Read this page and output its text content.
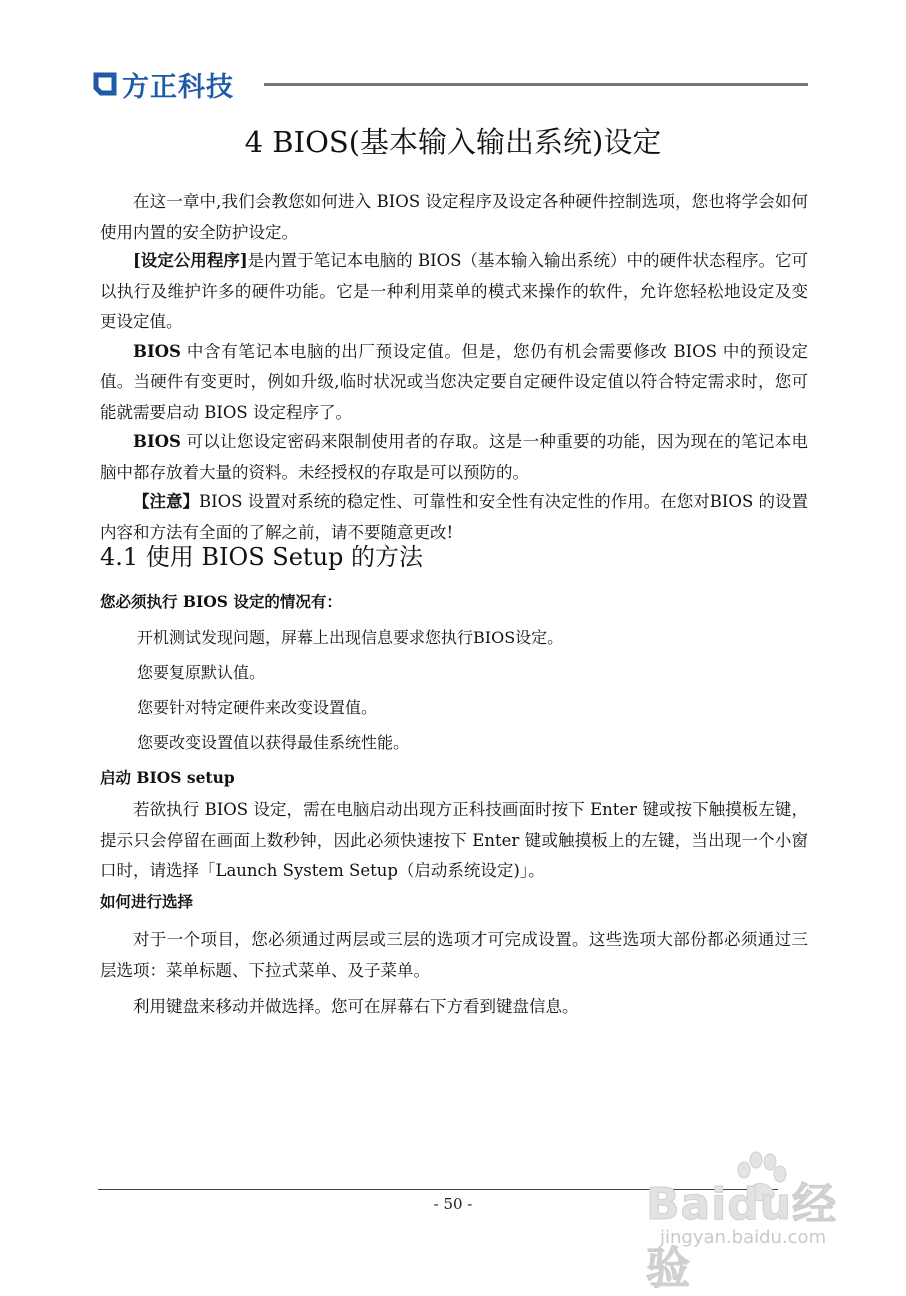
方正科技
4 BIOS(基本输入输出系统)设定

在这一章中,我们会教您如何进入 BIOS 设定程序及设定各种硬件控制选项，您也将学会如何使用内置的安全防护设定。

[设定公用程序]是内置于笔记本电脑的 BIOS（基本输入输出系统）中的硬件状态程序。它可以执行及维护许多的硬件功能。它是一种利用菜单的模式来操作的软件，允许您轻松地设定及变更设定值。

BIOS 中含有笔记本电脑的出厂预设定值。但是，您仍有机会需要修改 BIOS 中的预设定值。当硬件有变更时，例如升级,临时状况或当您决定要自定硬件设定值以符合特定需求时，您可能就需要启动 BIOS 设定程序了。

BIOS 可以让您设定密码来限制使用者的存取。这是一种重要的功能，因为现在的笔记本电脑中都存放着大量的资料。未经授权的存取是可以预防的。

【注意】BIOS 设置对系统的稳定性、可靠性和安全性有决定性的作用。在您对BIOS 的设置内容和方法有全面的了解之前，请不要随意更改!

4.1 使用 BIOS Setup 的方法

您必须执行 BIOS 设定的情况有：

开机测试发现问题，屏幕上出现信息要求您执行BIOS设定。

您要复原默认值。

您要针对特定硬件来改变设置值。

您要改变设置值以获得最佳系统性能。

启动 BIOS setup

若欲执行 BIOS 设定，需在电脑启动出现方正科技画面时按下 Enter 键或按下触摸板左键，提示只会停留在画面上数秒钟，因此必须快速按下 Enter 键或触摸板上的左键，当出现一个小窗口时，请选择「Launch System Setup（启动系统设定)」。

如何进行选择

对于一个项目，您必须通过两层或三层的选项才可完成设置。这些选项大部份都必须通过三层选项：菜单标题、下拉式菜单、及子菜单。

利用键盘来移动并做选择。您可在屏幕右下方看到键盘信息。

- 50 -	Baidu经验
jingyan.baidu.com
